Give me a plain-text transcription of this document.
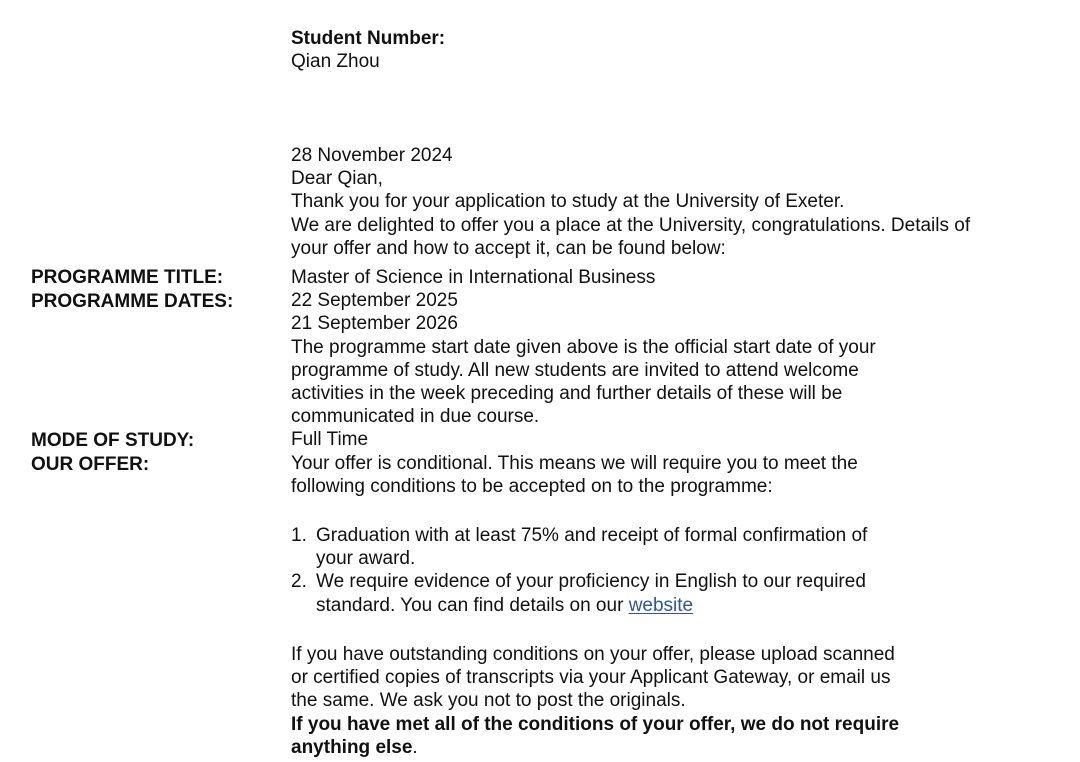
Student Number:
Qian Zhou
28 November 2024
Dear Qian,
Thank you for your application to study at the University of Exeter.
We are delighted to offer you a place at the University, congratulations. Details of
your offer and how to accept it, can be found below:
PROGRAMME TITLE:
PROGRAMME DATES:
MODE OF STUDY:
OUR OFFER:
Master of Science in International Business
22 September 2025
21 September 2026
The programme start date given above is the official start date of your
programme of study. All new students are invited to attend welcome
activities in the week preceding and further details of these will be
communicated in due course.
Full Time
Your offer is conditional. This means we will require you to meet the
following conditions to be accepted on to the programme:
1. Graduation with at least 75% and receipt of formal confirmation of
your award.
2. We require evidence of your proficiency in English to our required
standard. You can find details on our website
If you have outstanding conditions on your offer, please upload scanned
or certified copies of transcripts via your Applicant Gateway, or email us
the same. We ask you not to post the originals.
If you have met all of the conditions of your offer, we do not require
anything else.
